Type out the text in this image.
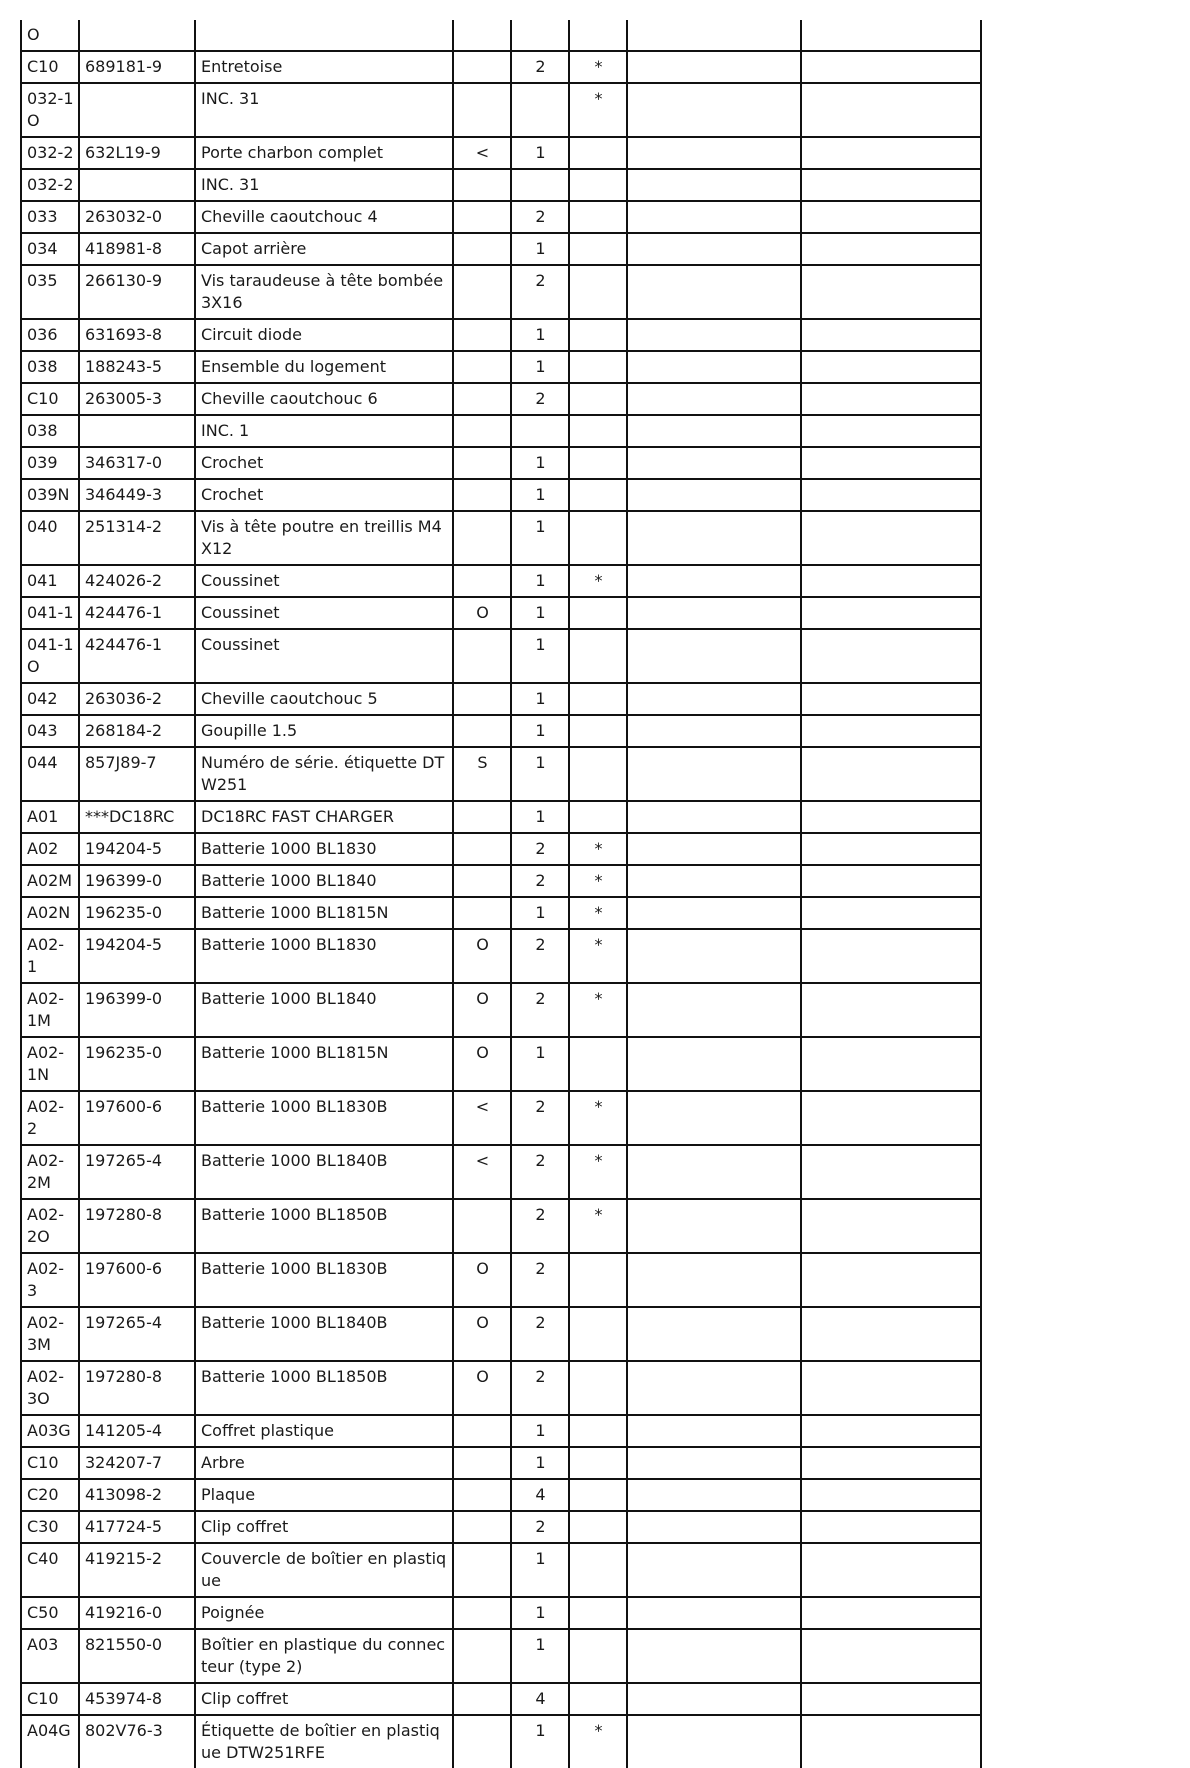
O							
C10	689181-9	Entretoise		2	*		
032-1O		INC. 31			*		
032-2	632L19-9	Porte charbon complet	<	1			
032-2		INC. 31					
033	263032-0	Cheville caoutchouc 4		2			
034	418981-8	Capot arrière		1			
035	266130-9	Vis taraudeuse à tête bombée 3X16		2			
036	631693-8	Circuit diode		1			
038	188243-5	Ensemble du logement		1			
C10	263005-3	Cheville caoutchouc 6		2			
038		INC. 1					
039	346317-0	Crochet		1			
039N	346449-3	Crochet		1			
040	251314-2	Vis à tête poutre en treillis M4X12		1			
041	424026-2	Coussinet		1	*		
041-1	424476-1	Coussinet	O	1			
041-1O	424476-1	Coussinet		1			
042	263036-2	Cheville caoutchouc 5		1			
043	268184-2	Goupille 1.5		1			
044	857J89-7	Numéro de série. étiquette DTW251	S	1			
A01	***DC18RC	DC18RC FAST CHARGER		1			
A02	194204-5	Batterie 1000 BL1830		2	*		
A02M	196399-0	Batterie 1000 BL1840		2	*		
A02N	196235-0	Batterie 1000 BL1815N		1	*		
A02-1	194204-5	Batterie 1000 BL1830	O	2	*		
A02-1M	196399-0	Batterie 1000 BL1840	O	2	*		
A02-1N	196235-0	Batterie 1000 BL1815N	O	1			
A02-2	197600-6	Batterie 1000 BL1830B	<	2	*		
A02-2M	197265-4	Batterie 1000 BL1840B	<	2	*		
A02-2O	197280-8	Batterie 1000 BL1850B		2	*		
A02-3	197600-6	Batterie 1000 BL1830B	O	2			
A02-3M	197265-4	Batterie 1000 BL1840B	O	2			
A02-3O	197280-8	Batterie 1000 BL1850B	O	2			
A03G	141205-4	Coffret plastique		1			
C10	324207-7	Arbre		1			
C20	413098-2	Plaque		4			
C30	417724-5	Clip coffret		2			
C40	419215-2	Couvercle de boîtier en plastique		1			
C50	419216-0	Poignée		1			
A03	821550-0	Boîtier en plastique du connecteur (type 2)		1			
C10	453974-8	Clip coffret		4			
A04G	802V76-3	Étiquette de boîtier en plastique DTW251RFE		1	*		
